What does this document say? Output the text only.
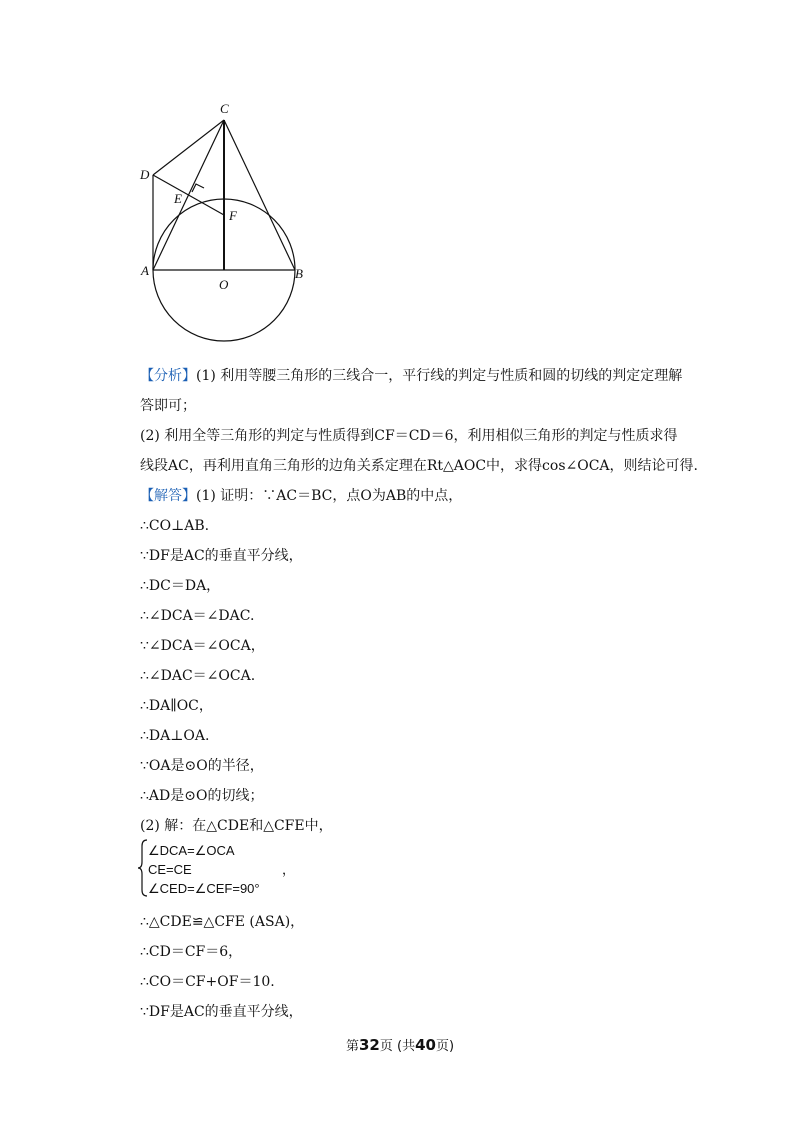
C
D
E
F
A	B
O
【分析】(1) 利用等腰三角形的三线合一，平行线的判定与性质和圆的切线的判定定理解
答即可；
(2) 利用全等三角形的判定与性质得到CF＝CD＝6，利用相似三角形的判定与性质求得
线段AC，再利用直角三角形的边角关系定理在Rt△AOC中，求得cos∠OCA，则结论可得.
【解答】(1) 证明：∵AC＝BC，点O为AB的中点，
∴CO⊥AB.
∵DF是AC的垂直平分线，
∴DC＝DA，
∴∠DCA＝∠DAC.
∵∠DCA＝∠OCA，
∴∠DAC＝∠OCA.
∴DA∥OC，
∴DA⊥OA.
∵OA是⊙O的半径，
∴AD是⊙O的切线；
(2) 解：在△CDE和△CFE中，
∠DCA=∠OCA
CE=CE
∠CED=∠CEF=90°
，
∴△CDE≌△CFE (ASA)，
∴CD＝CF＝6，
∴CO＝CF+OF＝10.
∵DF是AC的垂直平分线，
第32页 (共40页)
